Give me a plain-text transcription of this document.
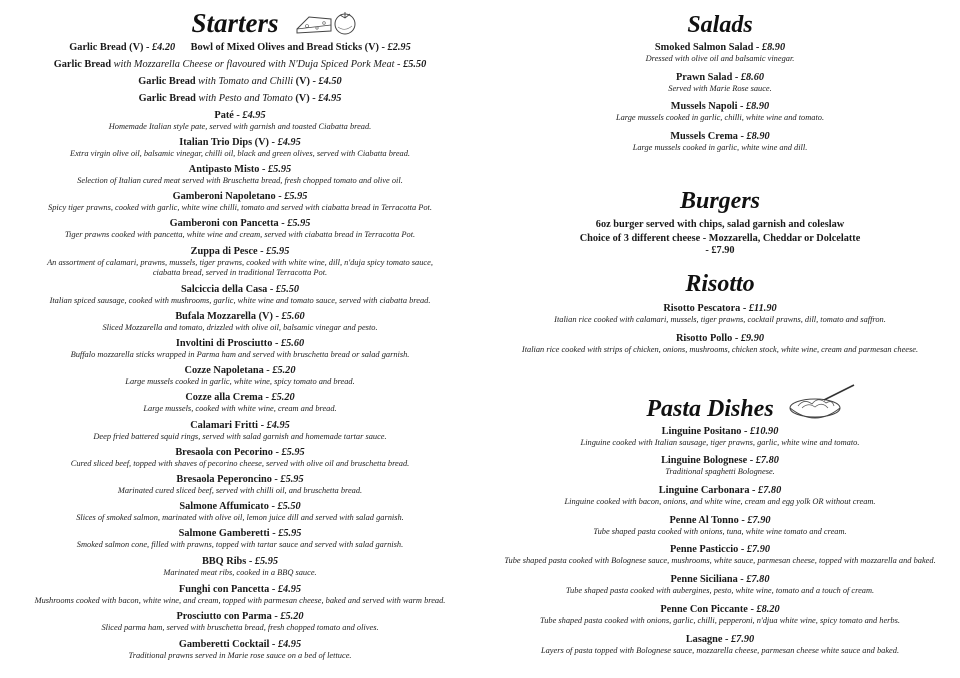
Starters
Garlic Bread (V) - £4.20 Bowl of Mixed Olives and Bread Sticks (V) - £2.95
Garlic Bread with Mozzarella Cheese or flavoured with N'Duja Spiced Pork Meat - £5.50
Garlic Bread with Tomato and Chilli (V) - £4.50
Garlic Bread with Pesto and Tomato (V) - £4.95
Paté - £4.95
Homemade Italian style pate, served with garnish and toasted Ciabatta bread.
Italian Trio Dips (V) - £4.95
Extra virgin olive oil, balsamic vinegar, chilli oil, black and green olives, served with Ciabatta bread.
Antipasto Misto - £5.95
Selection of Italian cured meat served with Bruschetta bread, fresh chopped tomato and olive oil.
Gamberoni Napoletano - £5.95
Spicy tiger prawns, cooked with garlic, white wine chilli, tomato and served with ciabatta bread in Terracotta Pot.
Gamberoni con Pancetta - £5.95
Tiger prawns cooked with pancetta, white wine and cream, served with ciabatta bread in Terracotta Pot.
Zuppa di Pesce - £5.95
An assortment of calamari, prawns, mussels, tiger prawns, cooked with white wine, dill, n'duja spicy tomato sauce,
ciabatta bread, served in traditional Terracotta Pot.
Salciccia della Casa - £5.50
Italian spiced sausage, cooked with mushrooms, garlic, white wine and tomato sauce, served with ciabatta bread.
Bufala Mozzarella (V) - £5.60
Sliced Mozzarella and tomato, drizzled with olive oil, balsamic vinegar and pesto.
Involtini di Prosciutto - £5.60
Buffalo mozzarella sticks wrapped in Parma ham and served with bruschetta bread or salad garnish.
Cozze Napoletana - £5.20
Large mussels cooked in garlic, white wine, spicy tomato and bread.
Cozze alla Crema - £5.20
Large mussels, cooked with white wine, cream and bread.
Calamari Fritti - £4.95
Deep fried battered squid rings, served with salad garnish and homemade tartar sauce.
Bresaola con Pecorino - £5.95
Cured sliced beef, topped with shaves of pecorino cheese, served with olive oil and bruschetta bread.
Bresaola Peperoncino - £5.95
Marinated cured sliced beef, served with chilli oil, and bruschetta bread.
Salmone Affumicato - £5.50
Slices of smoked salmon, marinated with olive oil, lemon juice dill and served with salad garnish.
Salmone Gamberetti - £5.95
Smoked salmon cone, filled with prawns, topped with tartar sauce and served with salad garnish.
BBQ Ribs - £5.95
Marinated meat ribs, cooked in a BBQ sauce.
Funghi con Pancetta - £4.95
Mushrooms cooked with bacon, white wine, and cream, topped with parmesan cheese, baked and served with warm bread.
Prosciutto con Parma - £5.20
Sliced parma ham, served with bruschetta bread, fresh chopped tomato and olives.
Gamberetti Cocktail - £4.95
Traditional prawns served in Marie rose sauce on a bed of lettuce.
Salads
Smoked Salmon Salad - £8.90
Dressed with olive oil and balsamic vinegar.
Prawn Salad - £8.60
Served with Marie Rose sauce.
Mussels Napoli - £8.90
Large mussels cooked in garlic, chilli, white wine and tomato.
Mussels Crema - £8.90
Large mussels cooked in garlic, white wine and dill.
Burgers
6oz burger served with chips, salad garnish and coleslaw
Choice of 3 different cheese - Mozzarella, Cheddar or Dolcelatte
- £7.90
Risotto
Risotto Pescatora - £11.90
Italian rice cooked with calamari, mussels, tiger prawns, cocktail prawns, dill, tomato and saffron.
Risotto Pollo - £9.90
Italian rice cooked with strips of chicken, onions, mushrooms, chicken stock, white wine, cream and parmesan cheese.
Pasta Dishes
Linguine Positano - £10.90
Linguine cooked with Italian sausage, tiger prawns, garlic, white wine and tomato.
Linguine Bolognese - £7.80
Traditional spaghetti Bolognese.
Linguine Carbonara - £7.80
Linguine cooked with bacon, onions, and white wine, cream and egg yolk OR without cream.
Penne Al Tonno - £7.90
Tube shaped pasta cooked with onions, tuna, white wine tomato and cream.
Penne Pasticcio - £7.90
Tube shaped pasta cooked with Bolognese sauce, mushrooms, white sauce, parmesan cheese, topped with mozzarella and baked.
Penne Siciliana - £7.80
Tube shaped pasta cooked with aubergines, pesto, white wine, tomato and a touch of cream.
Penne Con Piccante - £8.20
Tube shaped pasta cooked with onions, garlic, chilli, pepperoni, n'djua white wine, spicy tomato and herbs.
Lasagne - £7.90
Layers of pasta topped with Bolognese sauce, mozzarella cheese, parmesan cheese white sauce and baked.
